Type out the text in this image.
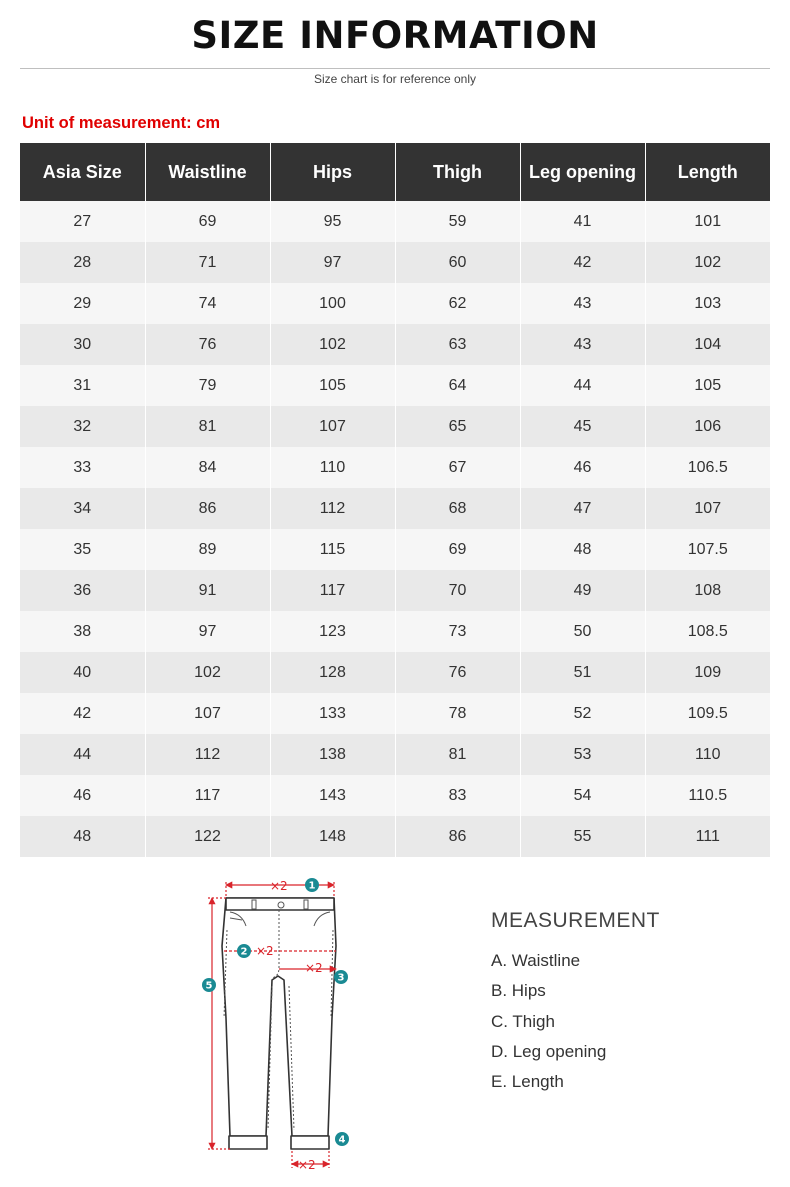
SIZE INFORMATION
Size chart is for reference only
Unit of measurement: cm
Asia Size	Waistline	Hips	Thigh	Leg opening	Length
27	69	95	59	41	101
28	71	97	60	42	102
29	74	100	62	43	103
30	76	102	63	43	104
31	79	105	64	44	105
32	81	107	65	45	106
33	84	110	67	46	106.5
34	86	112	68	47	107
35	89	115	69	48	107.5
36	91	117	70	49	108
38	97	123	73	50	108.5
40	102	128	76	51	109
42	107	133	78	52	109.5
44	112	138	81	53	110
46	117	143	83	54	110.5
48	122	148	86	55	111
×2
×2
×2
×2
1
2
3
4
5
MEASUREMENT
A. Waistline
B. Hips
C. Thigh
D. Leg opening
E. Length
